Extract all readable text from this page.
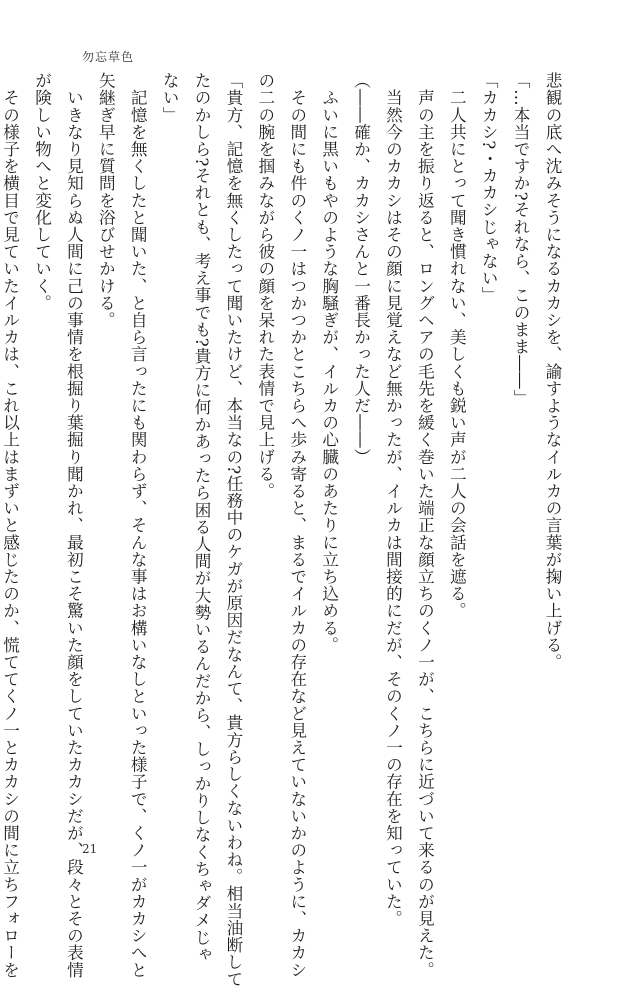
勿忘草色
悲観の底へ沈みそうになるカカシを、諭すようなイルカの言葉が掬い上げる。
「…本当ですか?それなら、このまま――」
「カカシ?・カカシじゃない」
　二人共にとって聞き慣れない、美しくも鋭い声が二人の会話を遮る。
　声の主を振り返ると、ロングヘアの毛先を緩く巻いた端正な顔立ちのくノ一が、こちらに近づいて来るのが見えた。
　当然今のカカシはその顔に見覚えなど無かったが、イルカは間接的にだが、そのくノ一の存在を知っていた。
（――確か、カカシさんと一番長かった人だ――）
　ふいに黒いもやのような胸騒ぎが、イルカの心臓のあたりに立ち込める。
　その間にも件のくノ一はつかつかとこちらへ歩み寄ると、まるでイルカの存在など見えていないかのように、カカシ
の二の腕を掴みながら彼の顔を呆れた表情で見上げる。
「貴方、記憶を無くしたって聞いたけど、本当なの?任務中のケガが原因だなんて、貴方らしくないわね。相当油断して
たのかしら?それとも、考え事でも?貴方に何かあったら困る人間が大勢いるんだから、しっかりしなくちゃダメじゃ
ない」
　記憶を無くしたと聞いた、と自ら言ったにも関わらず、そんな事はお構いなしといった様子で、くノ一がカカシへと
矢継ぎ早に質問を浴びせかける。
　いきなり見知らぬ人間に己の事情を根掘り葉掘り聞かれ、最初こそ驚いた顔をしていたカカシだが、段々とその表情
が険しい物へと変化していく。
　その様子を横目で見ていたイルカは、これ以上はまずいと感じたのか、慌ててくノ一とカカシの間に立ちフォローを	21
